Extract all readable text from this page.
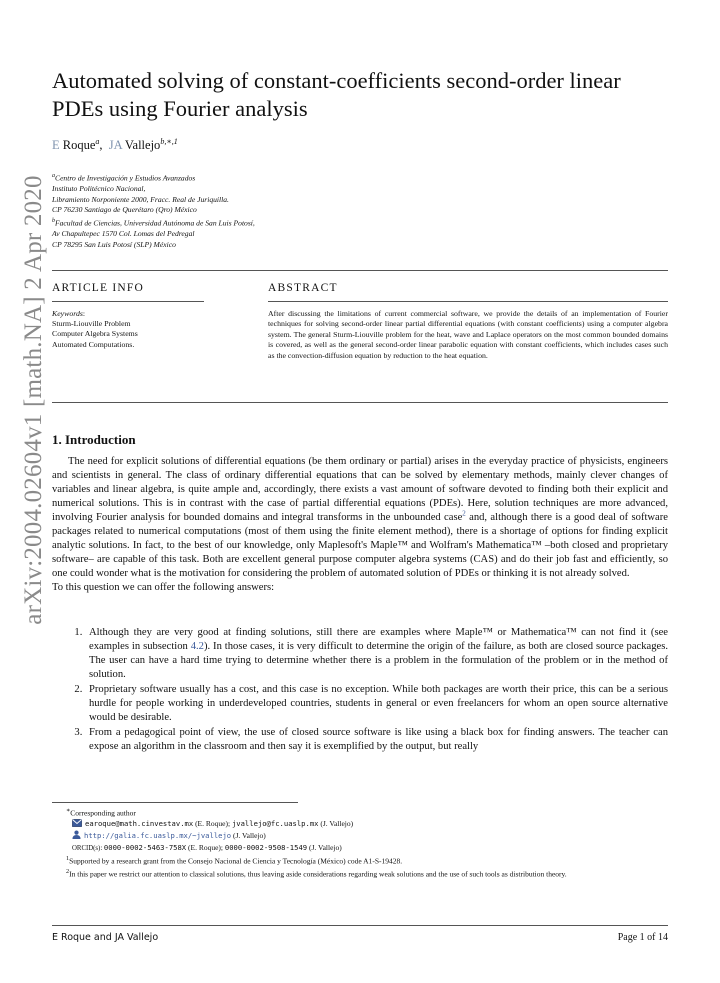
arXiv:2004.02604v1 [math.NA] 2 Apr 2020
Automated solving of constant-coefficients second-order linear PDEs using Fourier analysis
E Roque$^a$,  JA Vallejo$^{b,∗,1}$
$^a$Centro de Investigación y Estudios Avanzados
Instituto Politécnico Nacional,
Libramiento Norponiente 2000, Fracc. Real de Juriquilla.
CP 76230 Santiago de Querétaro (Qro) México
$^b$Facultad de Ciencias, Universidad Autónoma de San Luis Potosí,
Av Chapultepec 1570 Col. Lomas del Pedregal
CP 78295 San Luis Potosí (SLP) México
ARTICLE INFO
Keywords:
Sturm-Liouville Problem
Computer Algebra Systems
Automated Computations.
ABSTRACT
After discussing the limitations of current commercial software, we provide the details of an implementation of Fourier techniques for solving second-order linear partial differential equations (with constant coefficients) using a computer algebra system. The general Sturm-Liouville problem for the heat, wave and Laplace operators on the most common bounded domains is covered, as well as the general second-order linear parabolic equation with constant coefficients, which includes cases such as the convection-diffusion equation by reduction to the heat equation.
1. Introduction

The need for explicit solutions of differential equations (be them ordinary or partial) arises in the everyday practice of physicists, engineers and scientists in general. The class of ordinary differential equations that can be solved by elementary methods, mainly clever changes of variables and linear algebra, is quite ample and, accordingly, there exists a vast amount of software devoted to finding both their explicit and numerical solutions. This is in contrast with the case of partial differential equations (PDEs). Here, solution techniques are more advanced, involving Fourier analysis for bounded domains and integral transforms in the unbounded case$^2$ and, although there is a good deal of software packages related to numerical computations (most of them using the finite element method), there is a shortage of options for finding explicit analytic solutions. In fact, to the best of our knowledge, only Maplesoft's Maple™ and Wolfram's Mathematica™ –both closed and proprietary software– are capable of this task. Both are excellent general purpose computer algebra systems (CAS) and do their job fast and efficiently, so one could wonder what is the motivation for considering the problem of automated solution of PDEs or thinking it is not already solved.

To this question we can offer the following answers:

1. Although they are very good at finding solutions, still there are examples where Maple™ or Mathematica™ can not find it (see examples in subsection 4.2). In those cases, it is very difficult to determine the origin of the failure, as both are closed source packages. The user can have a hard time trying to determine whether there is a problem in the formulation of the problem or in the method of solution.
2. Proprietary software usually has a cost, and this case is no exception. While both packages are worth their price, this can be a serious hurdle for people working in underdeveloped countries, students in general or even freelancers for whom an open source alternative would be desirable.
3. From a pedagogical point of view, the use of closed source software is like using a black box for finding answers. The teacher can expose an algorithm in the classroom and then say it is exemplified by the output, but really
∗Corresponding author
earoque@math.cinvestav.mx (E. Roque); jvallejo@fc.uaslp.mx (J. Vallejo)
http://galia.fc.uaslp.mx/~jvallejo (J. Vallejo)
ORCID(s): 0000-0002-5463-758X (E. Roque); 0000-0002-9508-1549 (J. Vallejo)
$^1$Supported by a research grant from the Consejo Nacional de Ciencia y Tecnología (México) code A1-S-19428.
$^2$In this paper we restrict our attention to classical solutions, thus leaving aside considerations regarding weak solutions and the use of such tools as distribution theory.
E Roque and JA Vallejo	Page 1 of 14
